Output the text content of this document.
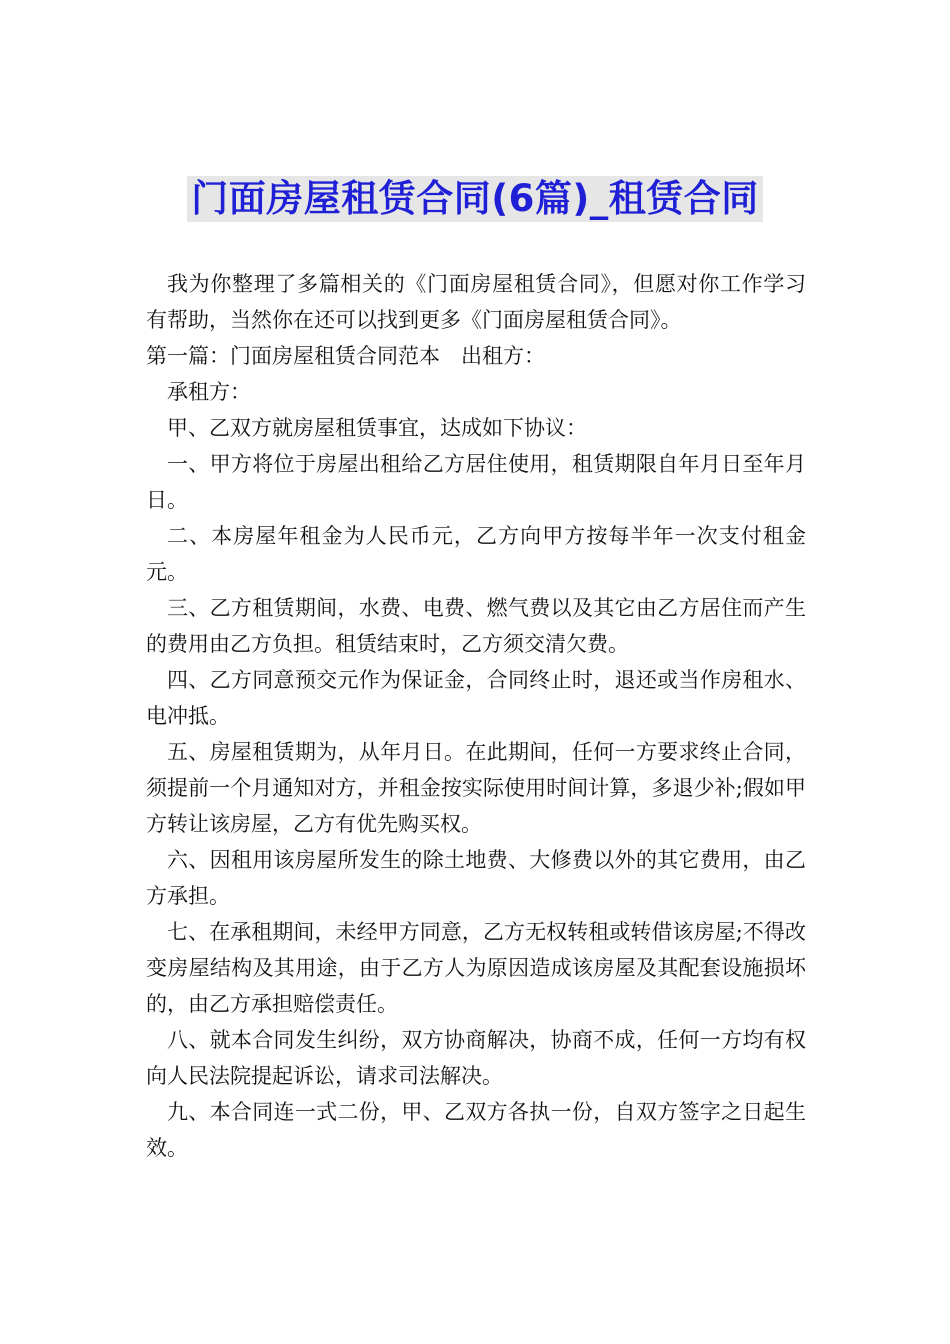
门面房屋租赁合同(6篇)_租赁合同

我为你整理了多篇相关的《门面房屋租赁合同》，但愿对你工作学习有帮助，当然你在还可以找到更多《门面房屋租赁合同》。

第一篇：门面房屋租赁合同范本　出租方：

承租方：

甲、乙双方就房屋租赁事宜，达成如下协议：

一、甲方将位于房屋出租给乙方居住使用，租赁期限自年月日至年月日。

二、本房屋年租金为人民币元，乙方向甲方按每半年一次支付租金元。

三、乙方租赁期间，水费、电费、燃气费以及其它由乙方居住而产生的费用由乙方负担。租赁结束时，乙方须交清欠费。

四、乙方同意预交元作为保证金，合同终止时，退还或当作房租水、电冲抵。

五、房屋租赁期为，从年月日。在此期间，任何一方要求终止合同，须提前一个月通知对方，并租金按实际使用时间计算，多退少补;假如甲方转让该房屋，乙方有优先购买权。

六、因租用该房屋所发生的除土地费、大修费以外的其它费用，由乙方承担。

七、在承租期间，未经甲方同意，乙方无权转租或转借该房屋;不得改变房屋结构及其用途，由于乙方人为原因造成该房屋及其配套设施损坏的，由乙方承担赔偿责任。

八、就本合同发生纠纷，双方协商解决，协商不成，任何一方均有权向人民法院提起诉讼，请求司法解决。

九、本合同连一式二份，甲、乙双方各执一份，自双方签字之日起生效。
